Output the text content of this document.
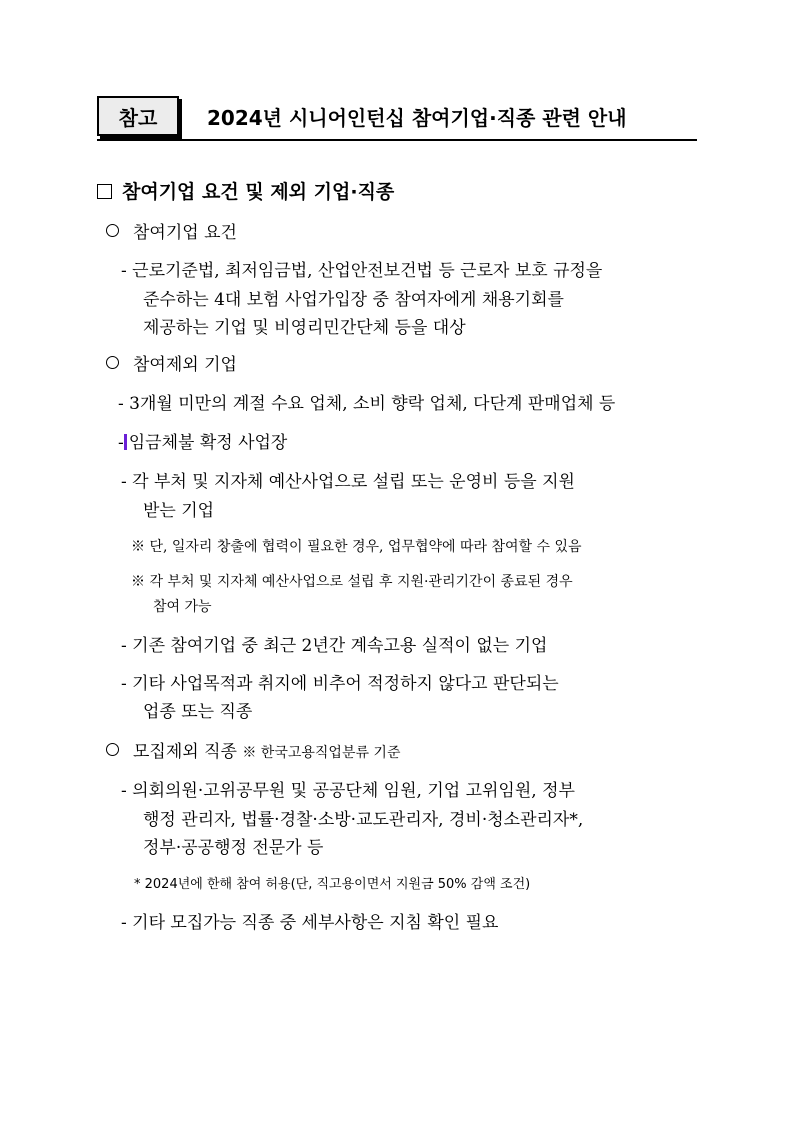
참고	2024년 시니어인턴십 참여기업·직종 관련 안내
참여기업 요건 및 제외 기업·직종
참여기업 요건
- 근로기준법, 최저임금법, 산업안전보건법 등 근로자 보호 규정을
준수하는 4대 보험 사업가입장 중 참여자에게 채용기회를
제공하는 기업 및 비영리민간단체 등을 대상
참여제외 기업
- 3개월 미만의 계절 수요 업체, 소비 향락 업체, 다단계 판매업체 등
- 임금체불 확정 사업장
- 각 부처 및 지자체 예산사업으로 설립 또는 운영비 등을 지원
받는 기업
※ 단, 일자리 창출에 협력이 필요한 경우, 업무협약에 따라 참여할 수 있음
※ 각 부처 및 지자체 예산사업으로 설립 후 지원·관리기간이 종료된 경우
참여 가능
- 기존 참여기업 중 최근 2년간 계속고용 실적이 없는 기업
- 기타 사업목적과 취지에 비추어 적정하지 않다고 판단되는
업종 또는 직종
모집제외 직종 ※ 한국고용직업분류 기준
- 의회의원·고위공무원 및 공공단체 임원, 기업 고위임원, 정부
행정 관리자, 법률·경찰·소방·교도관리자, 경비·청소관리자*,
정부·공공행정 전문가 등
* 2024년에 한해 참여 허용(단, 직고용이면서 지원금 50% 감액 조건)
- 기타 모집가능 직종 중 세부사항은 지침 확인 필요
